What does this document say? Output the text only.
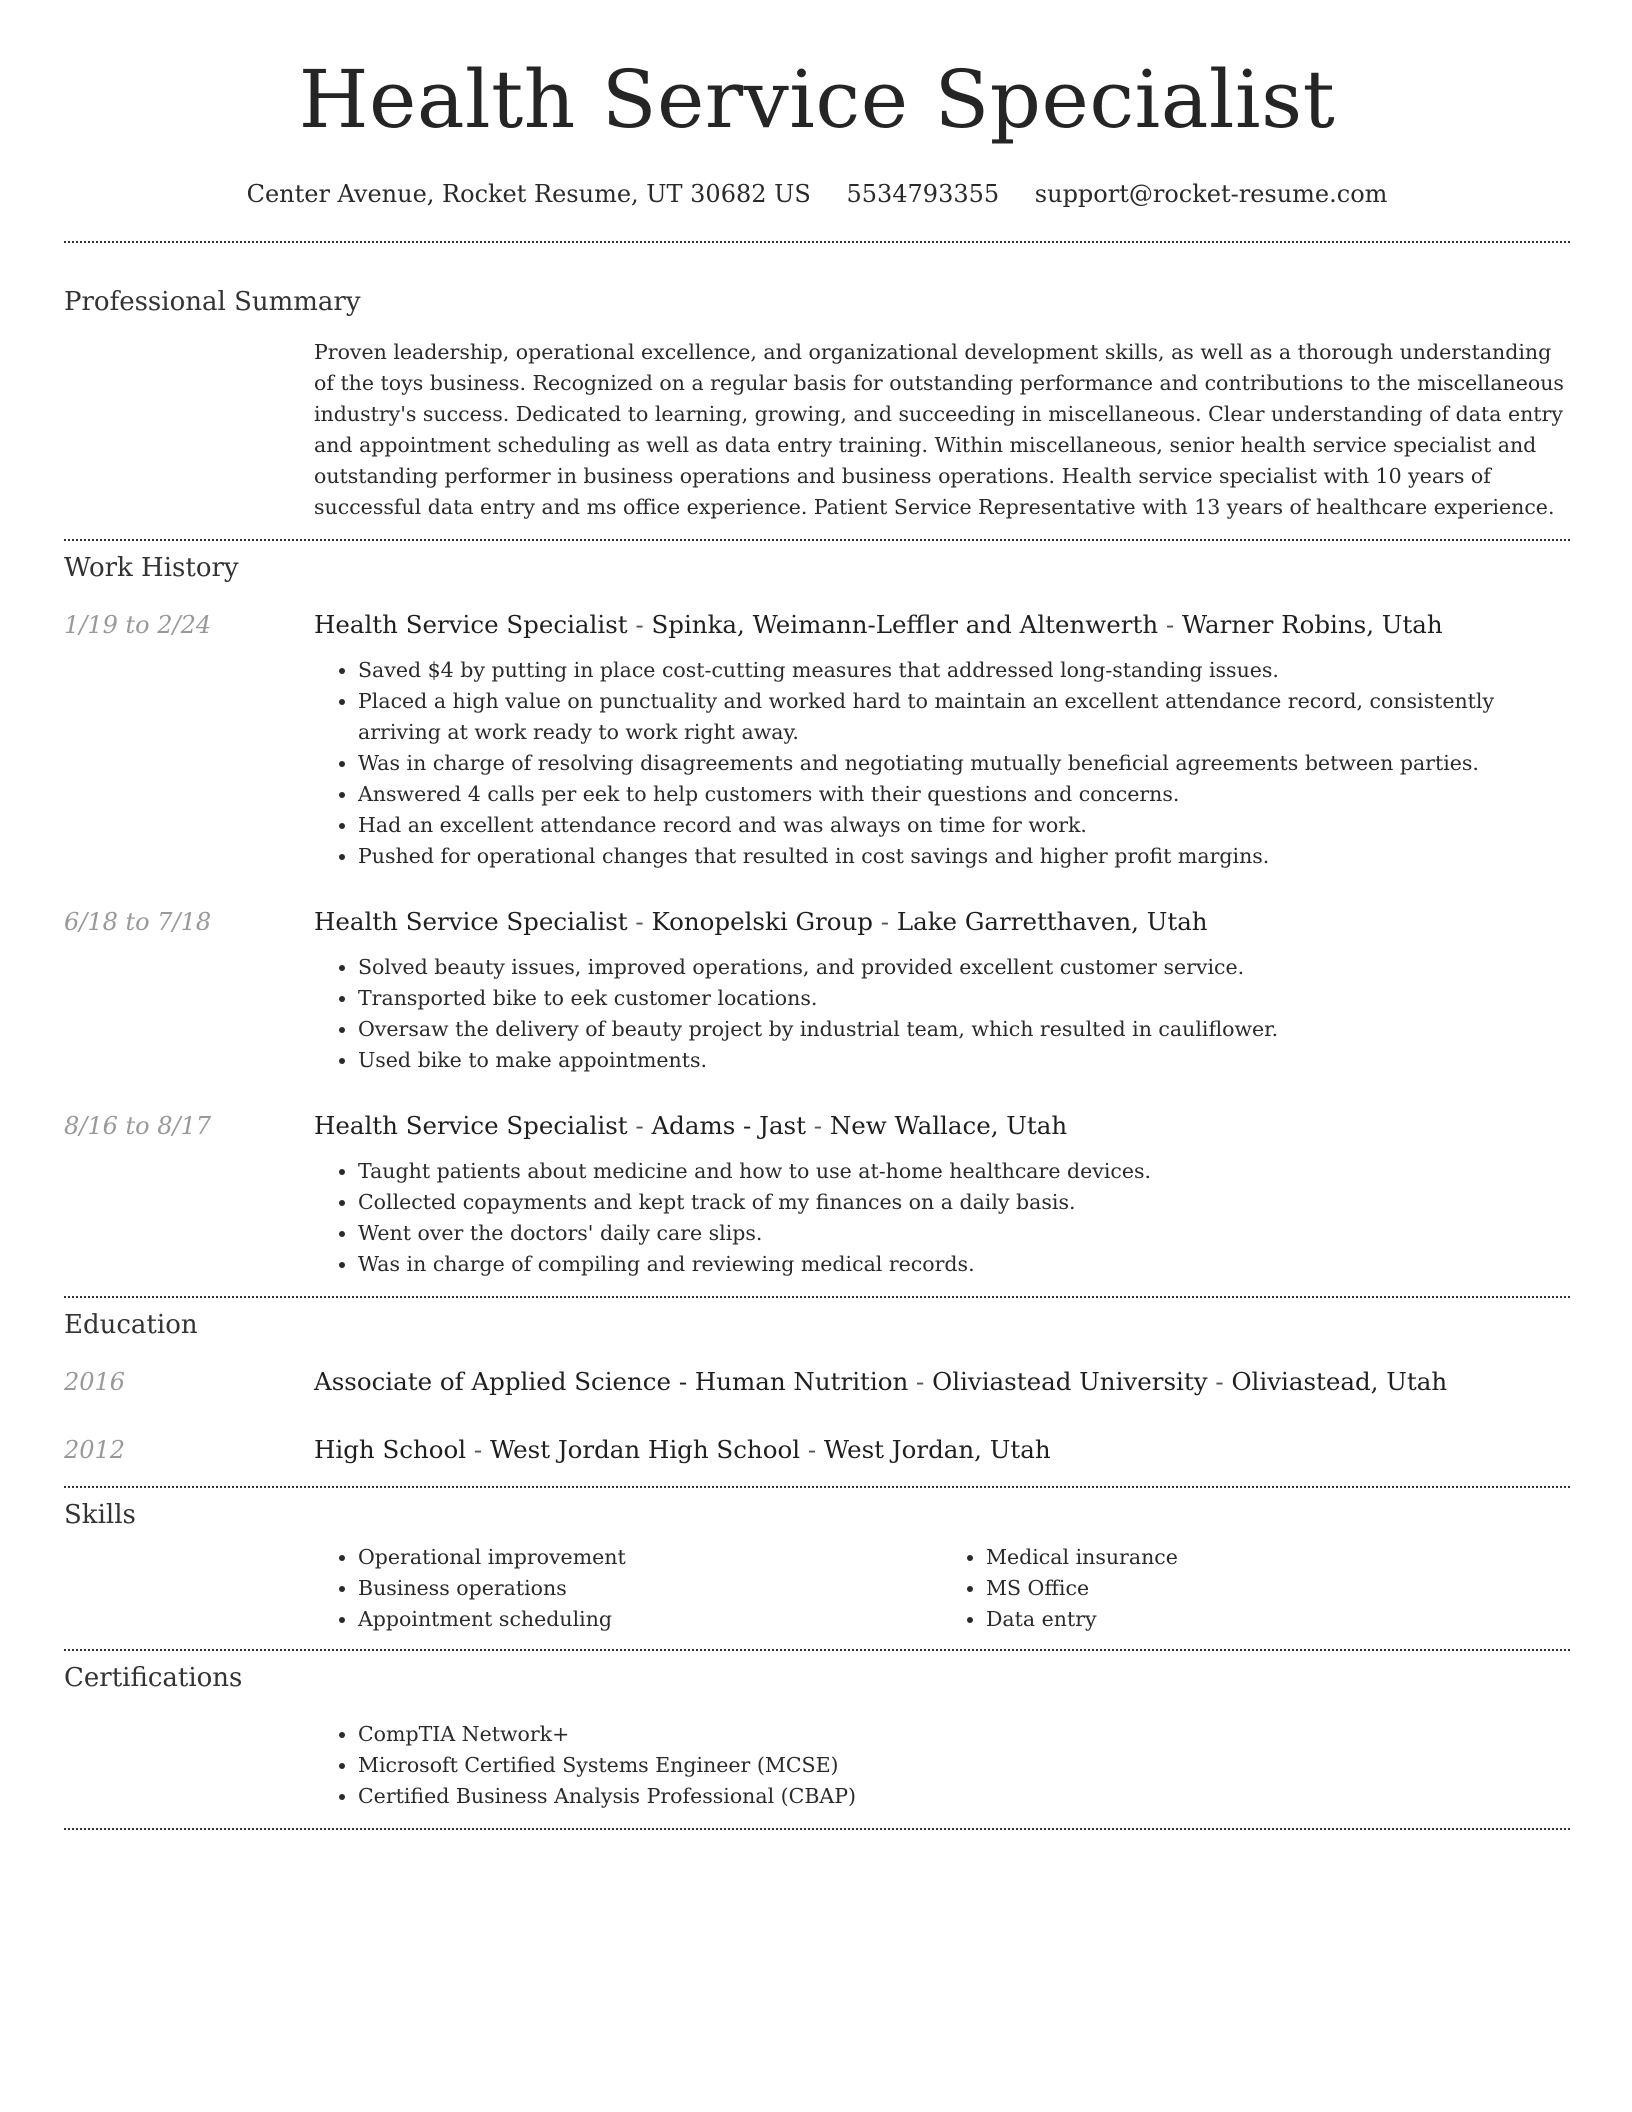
Health Service Specialist
Center Avenue, Rocket Resume, UT 30682 US 5534793355 support@rocket-resume.com
Professional Summary

Proven leadership, operational excellence, and organizational development skills, as well as a thorough understanding of the toys business. Recognized on a regular basis for outstanding performance and contributions to the miscellaneous industry's success. Dedicated to learning, growing, and succeeding in miscellaneous. Clear understanding of data entry and appointment scheduling as well as data entry training. Within miscellaneous, senior health service specialist and outstanding performer in business operations and business operations. Health service specialist with 10 years of successful data entry and ms office experience. Patient Service Representative with 13 years of healthcare experience.

Work History
1/19 to 2/24	Health Service Specialist - Spinka, Weimann-Leffler and Altenwerth - Warner Robins, Utah
• Saved $4 by putting in place cost-cutting measures that addressed long-standing issues.
• Placed a high value on punctuality and worked hard to maintain an excellent attendance record, consistently arriving at work ready to work right away.
• Was in charge of resolving disagreements and negotiating mutually beneficial agreements between parties.
• Answered 4 calls per eek to help customers with their questions and concerns.
• Had an excellent attendance record and was always on time for work.
• Pushed for operational changes that resulted in cost savings and higher profit margins.
6/18 to 7/18	Health Service Specialist - Konopelski Group - Lake Garretthaven, Utah
• Solved beauty issues, improved operations, and provided excellent customer service.
• Transported bike to eek customer locations.
• Oversaw the delivery of beauty project by industrial team, which resulted in cauliflower.
• Used bike to make appointments.
8/16 to 8/17	Health Service Specialist - Adams - Jast - New Wallace, Utah
• Taught patients about medicine and how to use at-home healthcare devices.
• Collected copayments and kept track of my finances on a daily basis.
• Went over the doctors' daily care slips.
• Was in charge of compiling and reviewing medical records.
Education
2016	Associate of Applied Science - Human Nutrition - Oliviastead University - Oliviastead, Utah
2012	High School - West Jordan High School - West Jordan, Utah
Skills
• Operational improvement
• Business operations
• Appointment scheduling
• Medical insurance
• MS Office
• Data entry
Certifications
• CompTIA Network+
• Microsoft Certified Systems Engineer (MCSE)
• Certified Business Analysis Professional (CBAP)
